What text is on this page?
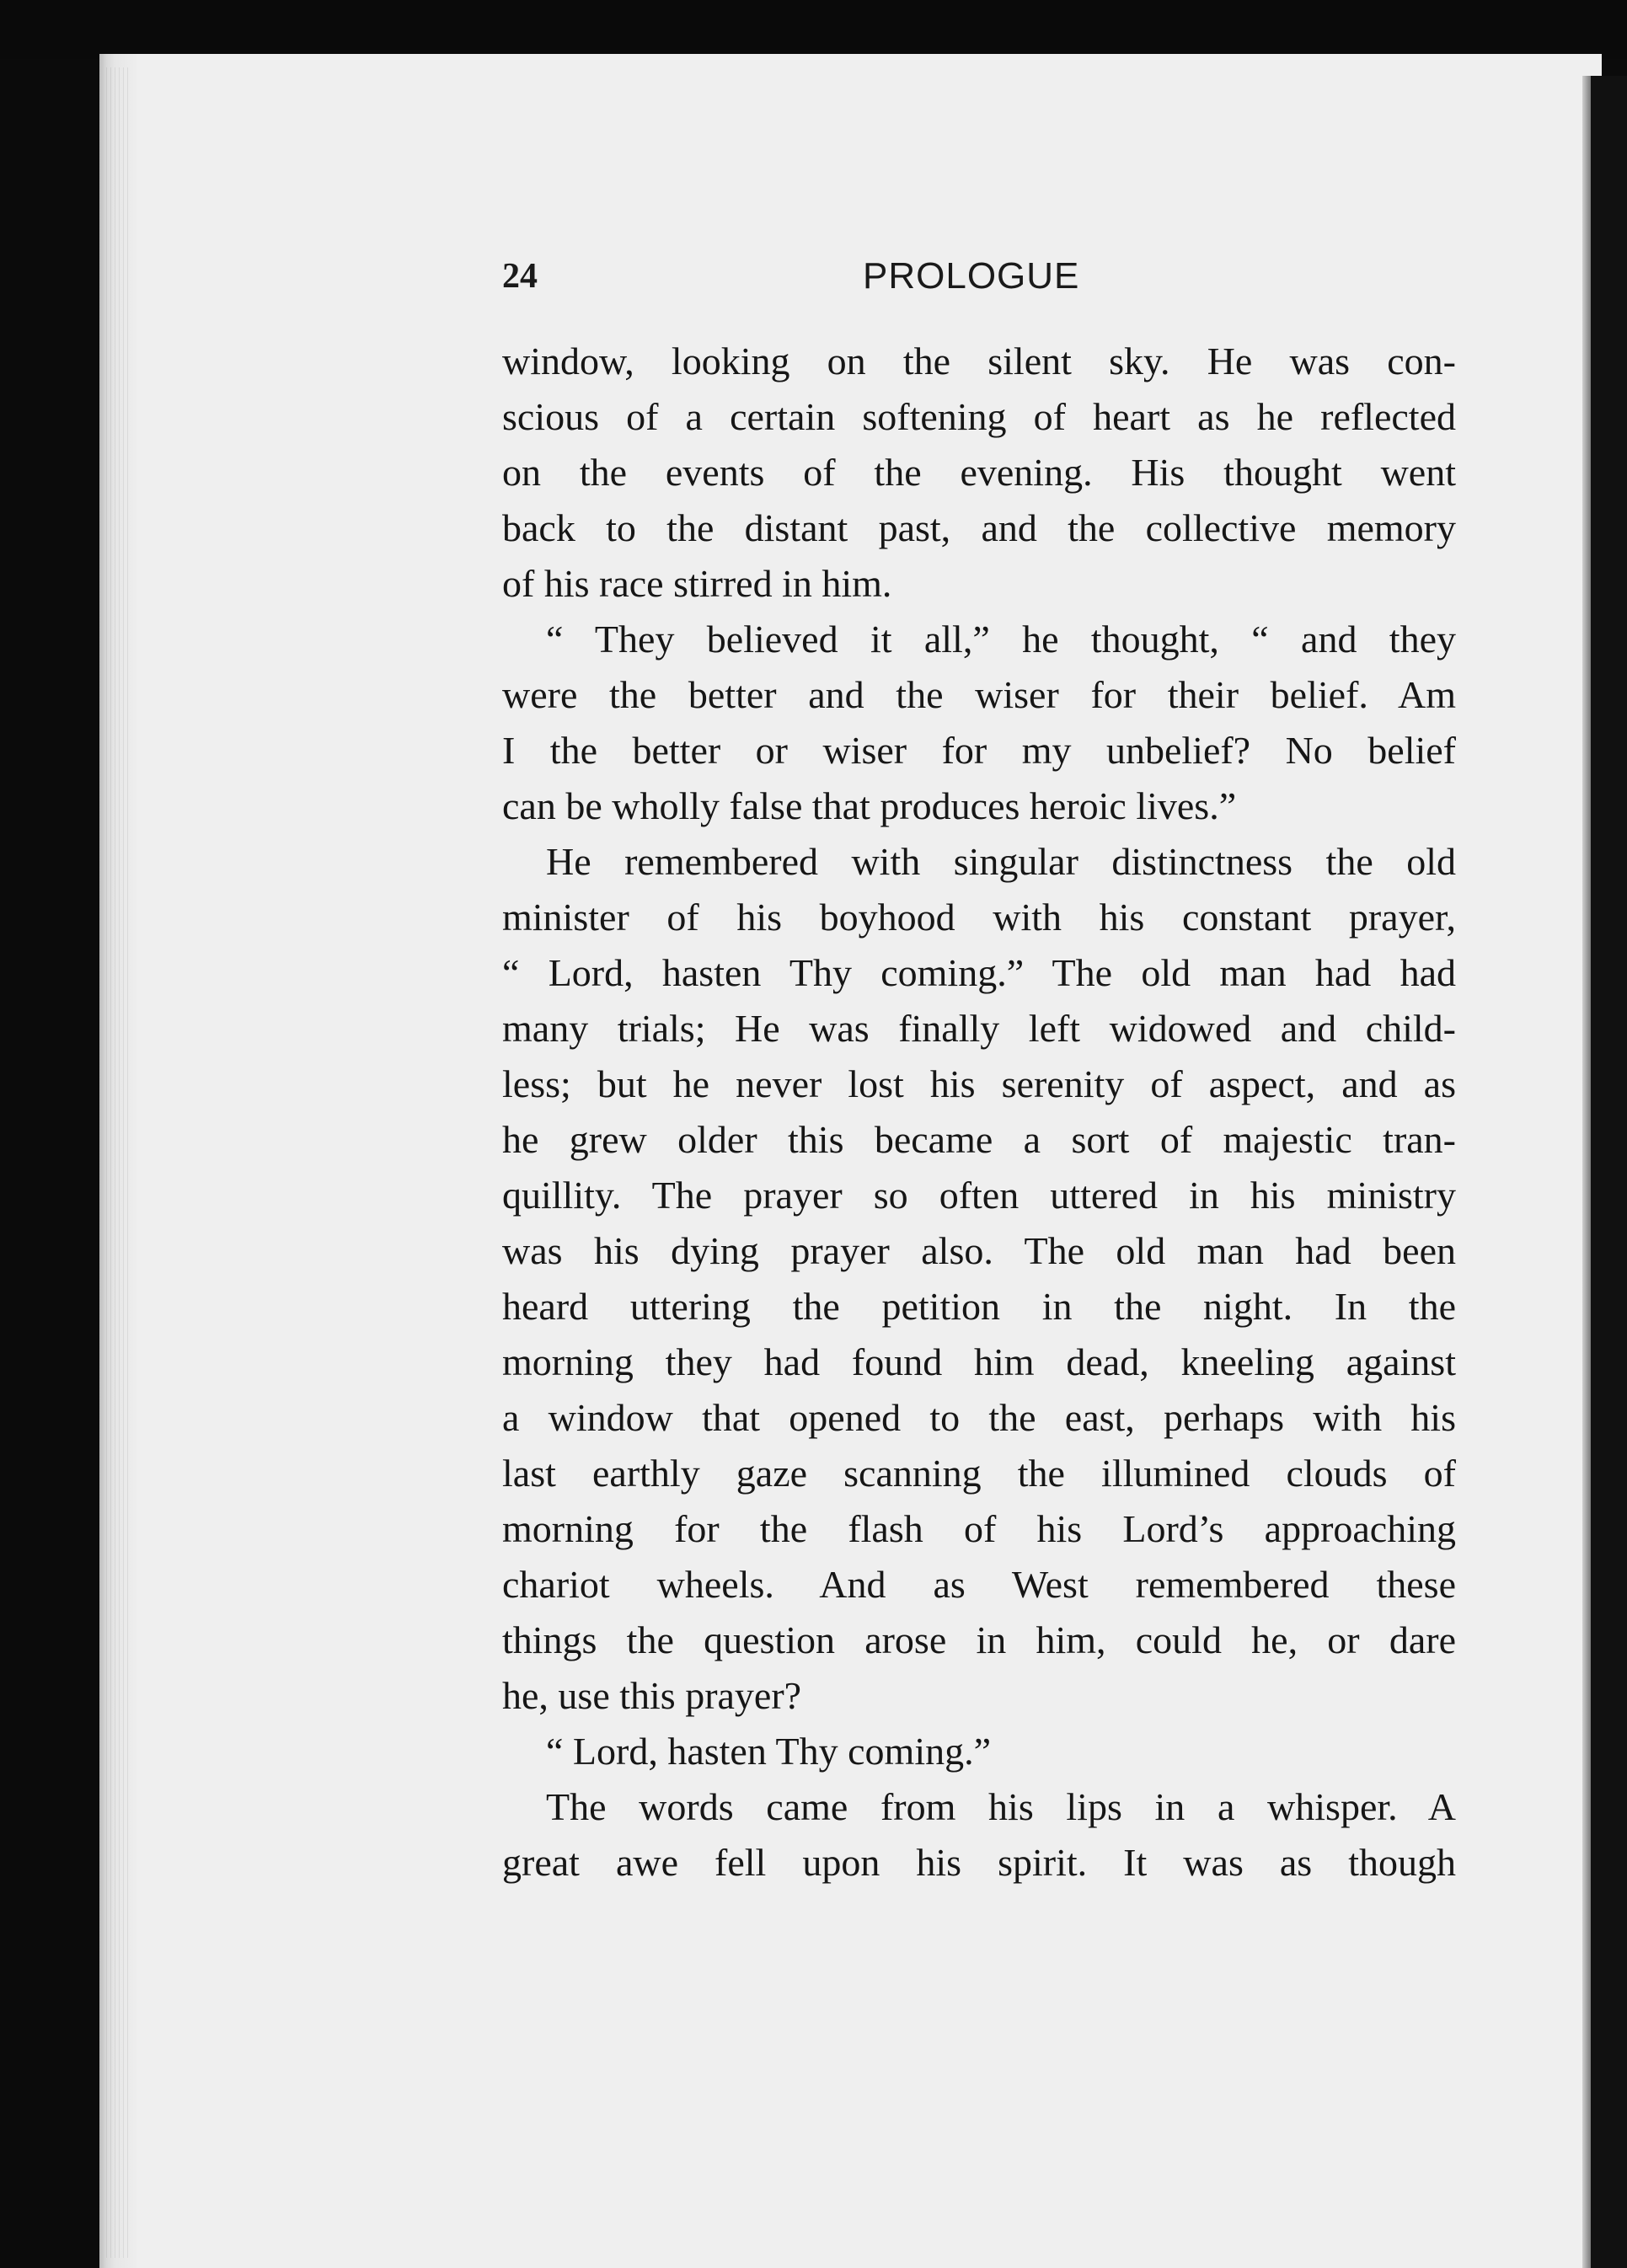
24	PROLOGUE
window, looking on the silent sky. He was con-
scious of a certain softening of heart as he reflected
on the events of the evening. His thought went
back to the distant past, and the collective memory
of his race stirred in him.
“ They believed it all,” he thought, “ and they
were the better and the wiser for their belief. Am
I the better or wiser for my unbelief? No belief
can be wholly false that produces heroic lives.”
He remembered with singular distinctness the old
minister of his boyhood with his constant prayer,
“ Lord, hasten Thy coming.” The old man had had
many trials; He was finally left widowed and child-
less; but he never lost his serenity of aspect, and as
he grew older this became a sort of majestic tran-
quillity. The prayer so often uttered in his ministry
was his dying prayer also. The old man had been
heard uttering the petition in the night. In the
morning they had found him dead, kneeling against
a window that opened to the east, perhaps with his
last earthly gaze scanning the illumined clouds of
morning for the flash of his Lord’s approaching
chariot wheels. And as West remembered these
things the question arose in him, could he, or dare
he, use this prayer?
“ Lord, hasten Thy coming.”
The words came from his lips in a whisper. A
great awe fell upon his spirit. It was as though
